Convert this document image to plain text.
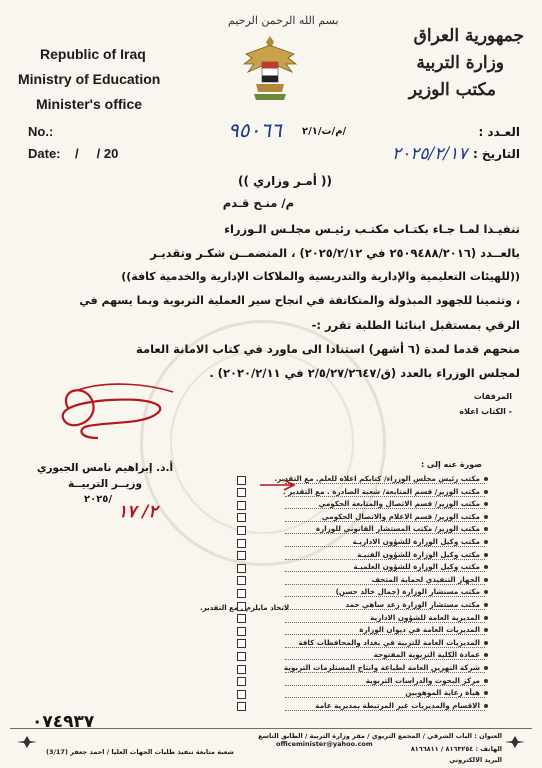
بسم الله الرحمن الرحيم
Republic of Iraq
Ministry of Education
Minister's office
جمهورية العراق
وزارة التربية
مكتب الوزير
No.:
Date:    /     / 20
العـدد :
م/ت/٢/١/
٩٥٠٦٦
التاريخ :
٢٠٢٥/٢/١٧
(( أمـر وزاري ))
م/ منـح قـدم
تنفيـذا لمـا جـاء بكتـاب مكتـب رئيـس مجلـس الـوزراء
بالعــدد (٢٥٠٩٤٨٨/٢٠١٦ في ٢٠٢٥/٢/١٢) ، المتضمــن شكـر وتقديـر
((للهيئات التعليمية والإدارية والتدريسية والملاكات الإدارية والخدمية كافة))
، وتثمينا للجهود المبذولة والمتكاتفة في انجاح سير العملية التربوية وبما يسهم في
الرقي بمستقبل ابنائنا الطلبة تقرر :-
منحهم قدما لمدة (٦ أشهر) استنادا الى ماورد في كتاب الامانة العامة
لمجلس الوزراء بالعدد (ق/٢/٥/٢٧/٢٦٤٧ في ٢٠٢٠/٢/١١) .
المرفقات
- الكتاب اعلاه
أ.د. إبراهيم نامس الجبوري
وزيــر التربيــة
٢٠٢٥/
٢/ ١٧
صورة عنه إلى :
مكتب رئيس مجلس الوزراء/ كتابكم اعلاه للعلم. مع التقدير.
مكتب الوزير/ قسم المتابعة/ شعبة الصادرة . مع التقدير .
مكتب الوزير/ قسم الاتصال والمتابعة الحكومي
مكتب الوزير/ قسم الاعلام والاتصال الحكومي
مكتب الوزير/ مكتب المستشار القانوني للوزارة
مكتب وكيل الوزارة للشؤون الاداريـة
مكتب وكيل الوزارة للشؤون الفنيـة
مكتب وكيل الوزارة للشؤون العلميـة
الجهاز التنفيذي لحماية المتحف
مكتب مستشار الوزارة (جمال خالد حسن)
مكتب مستشار الوزارة رعد ساهي حمد
المديرية العامة للشؤون الادارية
المديريات العامة في ديوان الوزارة
المديريات العامة للتربية في بغداد والمحافظات كافة
عمادة الكلية التربوية المفتوحة
شركة النهرين العامة لطباعة وانتاج المستلزمات التربوية
مركز البحوث والدراسات التربوية
هيأة رعاية الموهوبين
الاقسام والمديريات غير المرتبطة بمديرية عامة
لاتخاذ مايلزم . مع التقدير.
٠٧٤٩٣٧
العنوان : الباب الشرقي / المجمع التربوي / مقر وزارة التربية / الطابق التاسع
officeminister@yahoo.com
الهاتف : ٨١٦٣٢٥٤ / ٨١٦٦٨١١
البريد الالكتروني
شعبة متابعة تنفيذ طلبات الجهات العليا / احمد جعفر (3/17)
